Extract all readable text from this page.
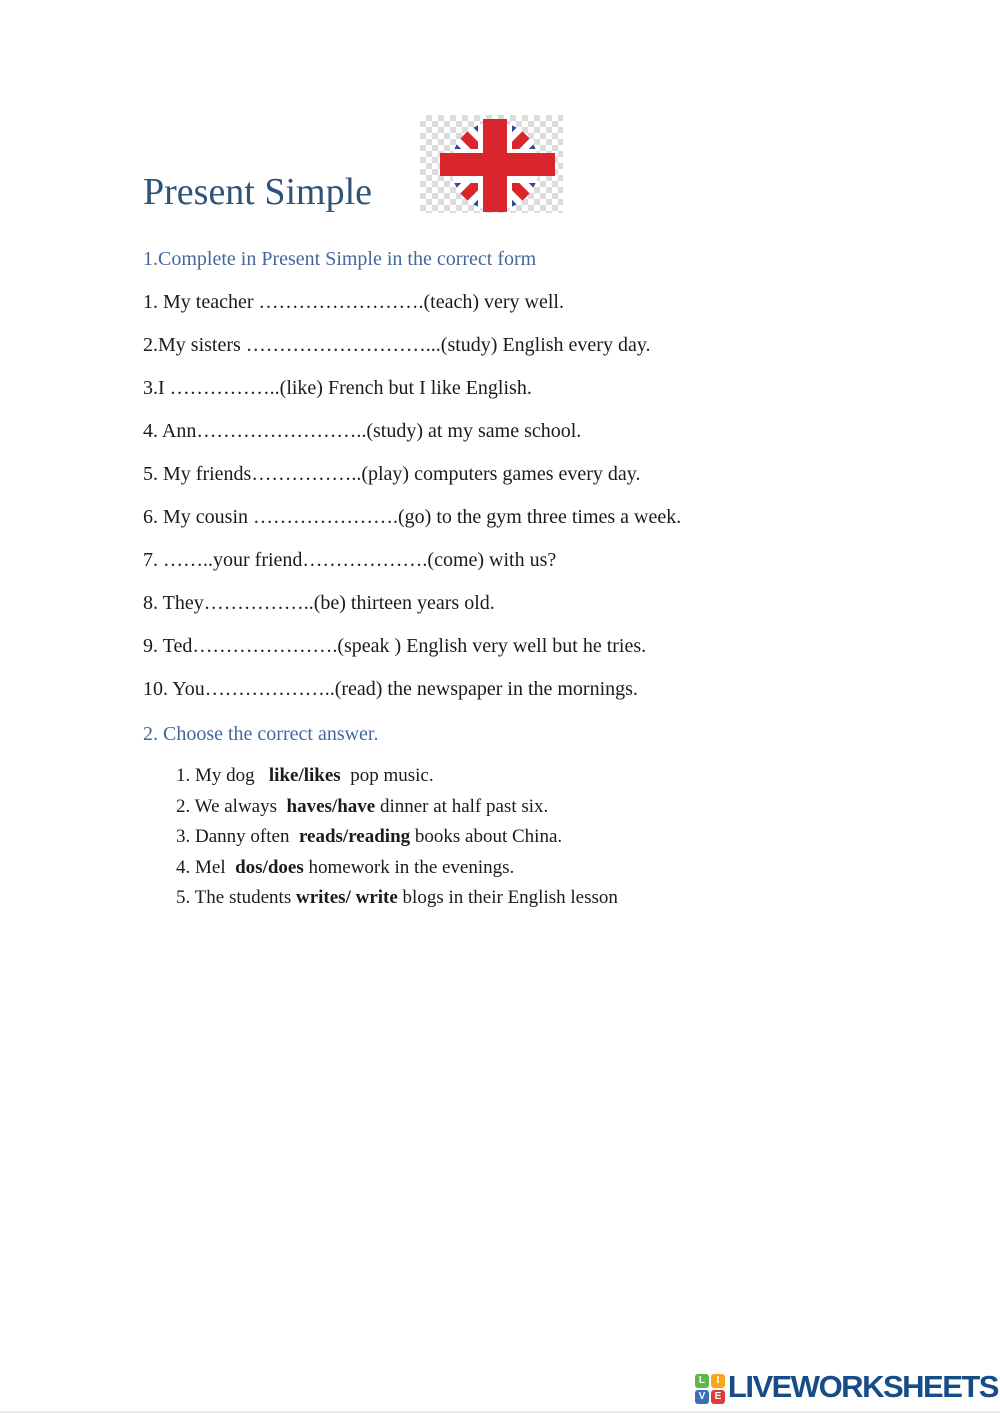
Present Simple
1.Complete in Present Simple in the correct form
1. My teacher …………………….(teach) very well.
2.My sisters ………………………...(study) English every day.
3.I ……………..(like) French but I like English.
4. Ann……………………..(study) at my same school.
5. My friends……………..(play) computers games every day.
6. My cousin ………………….(go) to the gym three times a week.
7. ……..your friend……………….(come) with us?
8. They……………..(be) thirteen years old.
9. Ted………………….(speak ) English very well but he tries.
10. You………………..(read) the newspaper in the mornings.
2. Choose the correct answer.
1. My dog   like/likes  pop music.
2. We always  haves/have dinner at half past six.
3. Danny often  reads/reading books about China.
4. Mel  dos/does homework in the evenings.
5. The students writes/ write blogs in their English lesson
L	I
V E LIVEWORKSHEETS
